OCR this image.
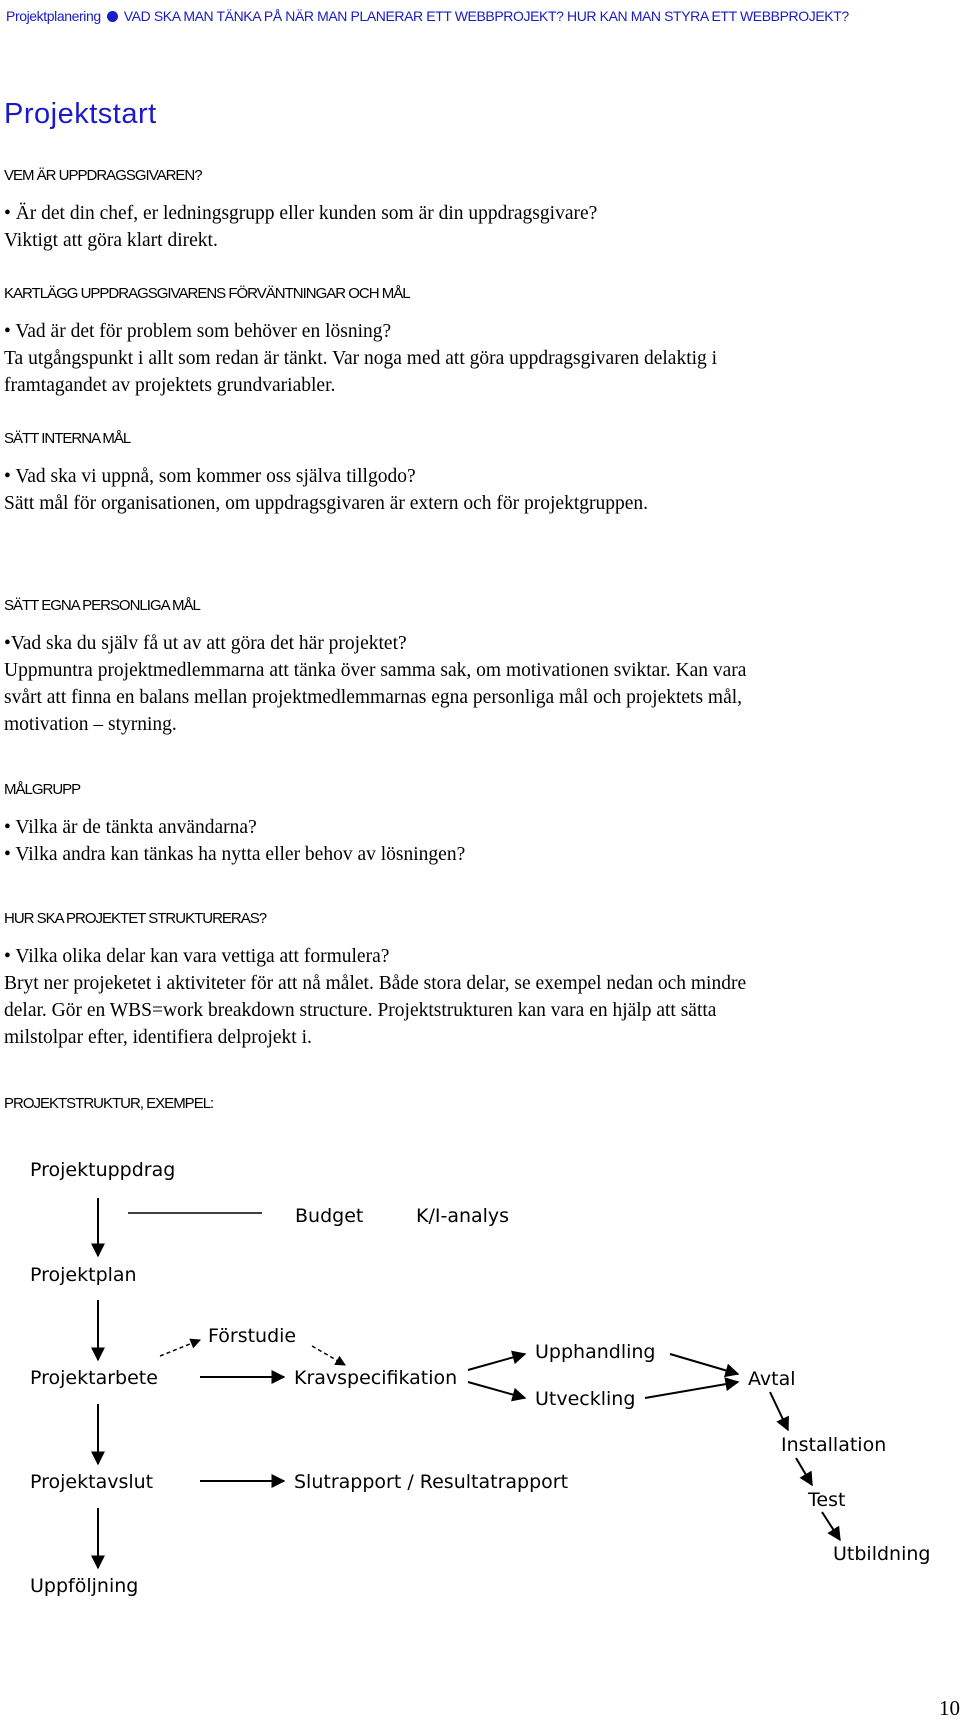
Projektplanering VAD SKA MAN TÄNKA PÅ NÄR MAN PLANERAR ETT WEBBPROJEKT? HUR KAN MAN STYRA ETT WEBBPROJEKT?
Projektstart
VEM ÄR UPPDRAGSGIVAREN?
• Är det din chef, er ledningsgrupp eller kunden som är din uppdragsgivare?
Viktigt att göra klart direkt.
KARTLÄGG UPPDRAGSGIVARENS FÖRVÄNTNINGAR OCH MÅL
• Vad är det för problem som behöver en lösning?
Ta utgångspunkt i allt som redan är tänkt. Var noga med att göra uppdragsgivaren delaktig i
framtagandet av projektets grundvariabler.
SÄTT INTERNA MÅL
• Vad ska vi uppnå, som kommer oss själva tillgodo?
Sätt mål för organisationen, om uppdragsgivaren är extern och för projektgruppen.
SÄTT EGNA PERSONLIGA MÅL
•Vad ska du själv få ut av att göra det här projektet?
Uppmuntra projektmedlemmarna att tänka över samma sak, om motivationen sviktar. Kan vara
svårt att finna en balans mellan projektmedlemmarnas egna personliga mål och projektets mål,
motivation – styrning.
MÅLGRUPP
• Vilka är de tänkta användarna?
• Vilka andra kan tänkas ha nytta eller behov av lösningen?
HUR SKA PROJEKTET STRUKTURERAS?
• Vilka olika delar kan vara vettiga att formulera?
Bryt ner projeketet i aktiviteter för att nå målet. Både stora delar, se exempel nedan och mindre
delar. Gör en WBS=work breakdown structure. Projektstrukturen kan vara en hjälp att sätta
milstolpar efter, identifiera delprojekt i.
PROJEKTSTRUKTUR, EXEMPEL:
Projektuppdrag
Budget	K/I-analys
Projektplan
Förstudie
Projektarbete	Kravspecifikation
Upphandling
Utveckling
Avtal
Installation
Projektavslut	Slutrapport / Resultatrapport
Test
Utbildning
Uppföljning
10
